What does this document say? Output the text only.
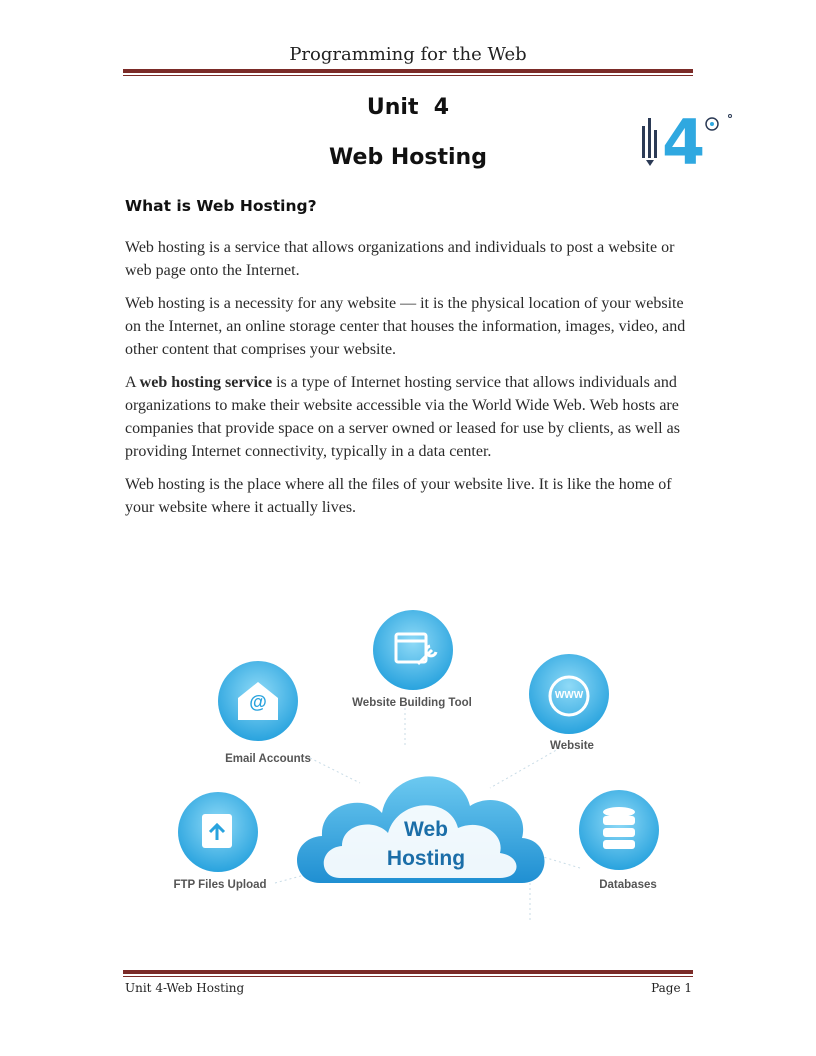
Programming for the Web
Unit  4
Web Hosting	4
What is Web Hosting?

Web hosting is a service that allows organizations and individuals to post a website or web page onto the Internet.

Web hosting is a necessity for any website — it is the physical location of your website on the Internet, an online storage center that houses the information, images, video, and other content that comprises your website.

A web hosting service is a type of Internet hosting service that allows individuals and organizations to make their website accessible via the World Wide Web. Web hosts are companies that provide space on a server owned or leased for use by clients, as well as providing Internet connectivity, typically in a data center.

Web hosting is the place where all the files of your website live. It is like the home of your website where it actually lives.

Web
Hosting
Website Building Tool
@
Email Accounts
WWW
Website
FTP Files Upload	Databases
Unit 4-Web Hosting	Page 1
